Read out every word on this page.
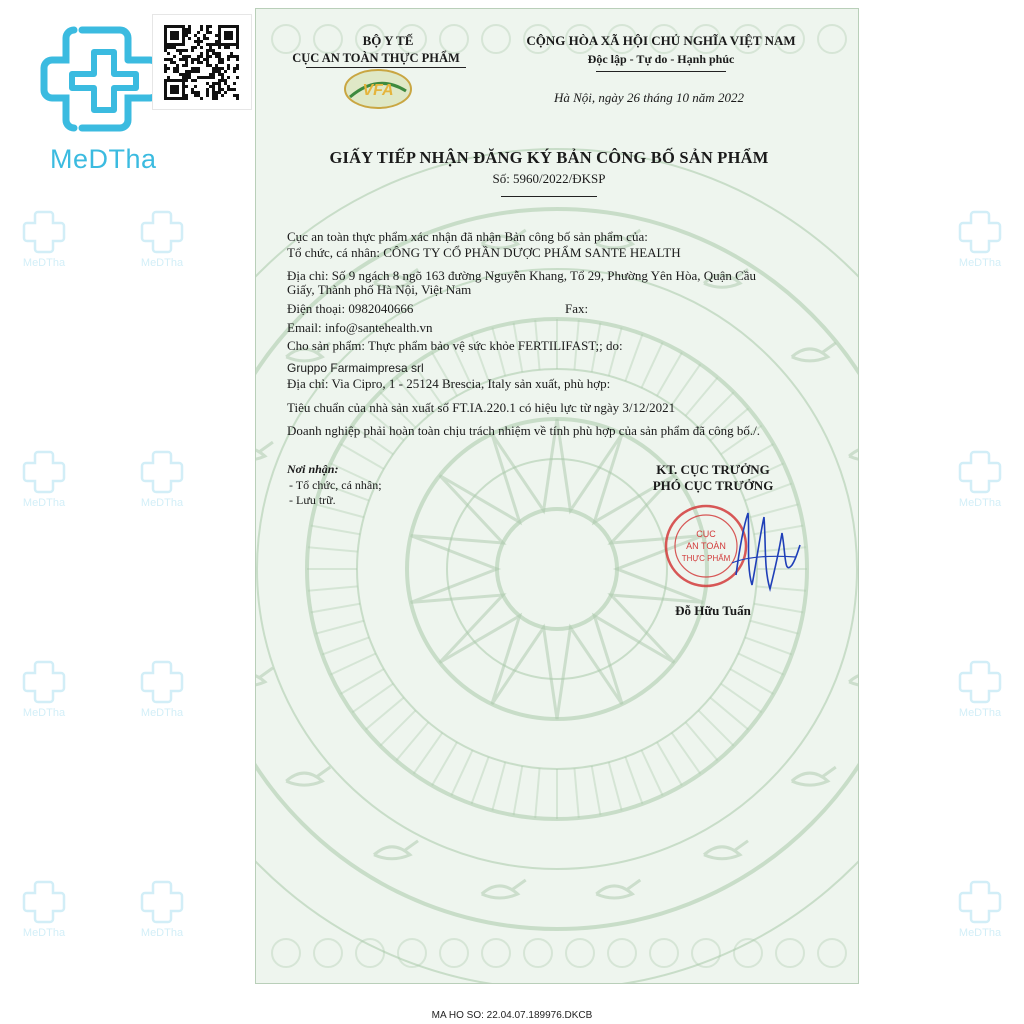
MeDTha	MeDTha	MeDTha
MeDTha	MeDTha	MeDTha
MeDTha	MeDTha	MeDTha
MeDTha	MeDTha	MeDTha
MeDTha
BỘ Y TẾ
CỤC AN TOÀN THỰC PHẨM
VFA
CỘNG HÒA XÃ HỘI CHỦ NGHĨA VIỆT NAM
Độc lập - Tự do - Hạnh phúc
Hà Nội, ngày 26 tháng 10 năm 2022
GIẤY TIẾP NHẬN ĐĂNG KÝ BẢN CÔNG BỐ SẢN PHẨM
Số: 5960/2022/ĐKSP
Cục an toàn thực phẩm xác nhận đã nhận Bản công bố sản phẩm của:
Tổ chức, cá nhân: CÔNG TY CỔ PHẦN DƯỢC PHẨM SANTE HEALTH
Địa chỉ: Số 9 ngách 8 ngõ 163 đường Nguyễn Khang, Tổ 29, Phường Yên Hòa, Quận Cầu
Giấy, Thành phố Hà Nội, Việt Nam
Điện thoại: 0982040666	Fax:
Email: info@santehealth.vn
Cho sản phẩm: Thực phẩm bảo vệ sức khỏe FERTILIFAST;; do:
Gruppo Farmaimpresa srl
Địa chỉ: Via Cipro, 1 - 25124 Brescia, Italy sản xuất, phù hợp:
Tiêu chuẩn của nhà sản xuất số FT.IA.220.1 có hiệu lực từ ngày 3/12/2021
Doanh nghiệp phải hoàn toàn chịu trách nhiệm về tính phù hợp của sản phẩm đã công bố./.
Nơi nhận:
- Tổ chức, cá nhân;
- Lưu trữ.
KT. CỤC TRƯỞNG
PHÓ CỤC TRƯỞNG
CỤC
AN TOÀN
THỰC PHẨM
Đỗ Hữu Tuấn
MA HO SO: 22.04.07.189976.DKCB
